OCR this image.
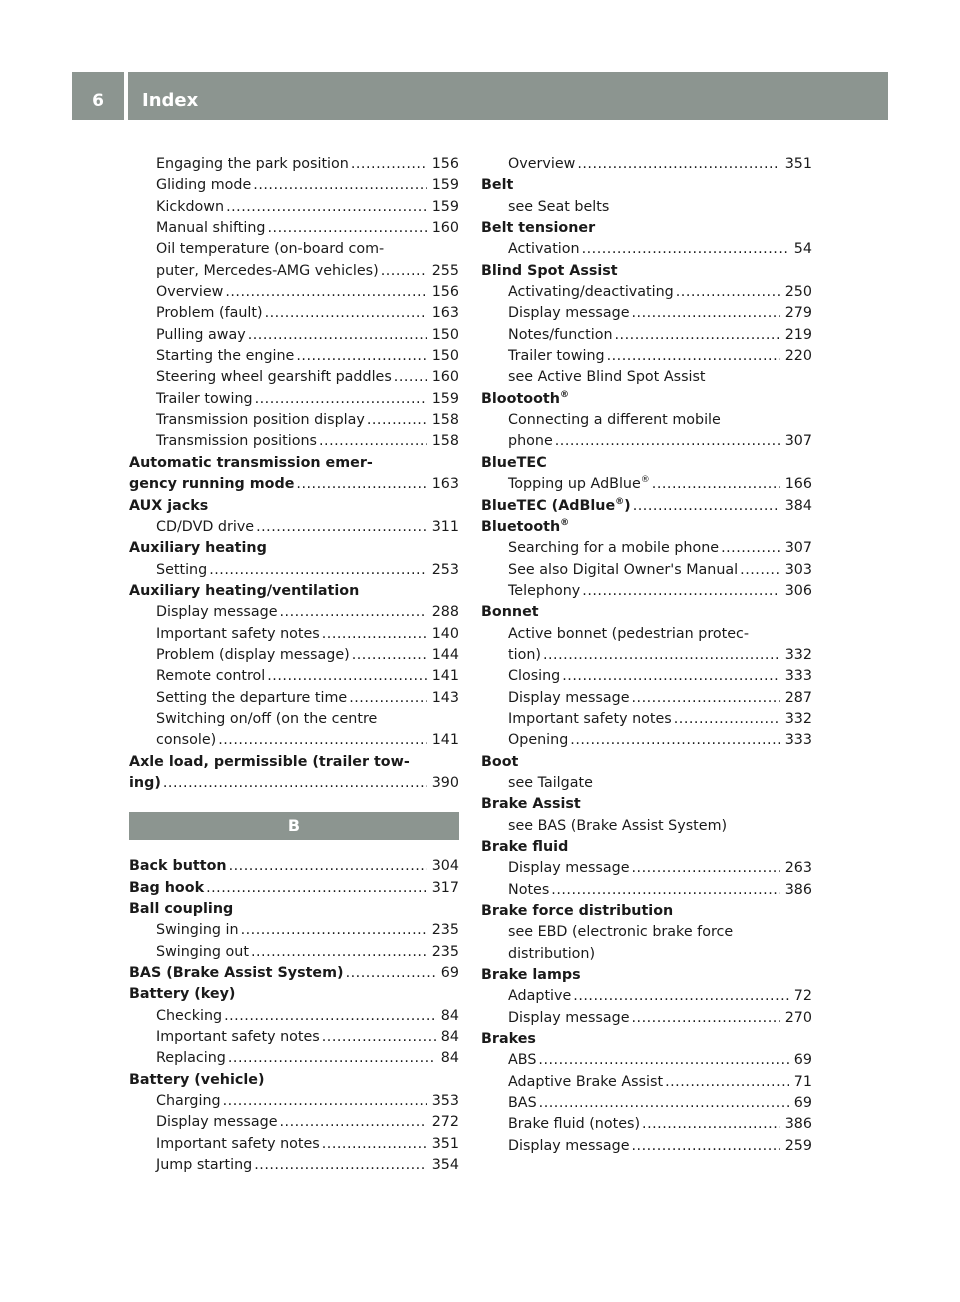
6	Index
Engaging the park position .....	156
Gliding mode .....	159
Kickdown .....	159
Manual shifting .....	160
Oil temperature (on-board com-
puter, Mercedes-AMG vehicles) .....	255
Overview .....	156
Problem (fault) .....	163
Pulling away .....	150
Starting the engine .....	150
Steering wheel gearshift paddles .....	160
Trailer towing .....	159
Transmission position display .....	158
Transmission positions .....	158
Automatic transmission emer-
gency running mode .....	163
AUX jacks
CD/DVD drive .....	311
Auxiliary heating
Setting .....	253
Auxiliary heating/ventilation
Display message .....	288
Important safety notes .....	140
Problem (display message) .....	144
Remote control .....	141
Setting the departure time .....	143
Switching on/off (on the centre
console) .....	141
Axle load, permissible (trailer tow-
ing) .....	390
B
Back button .....	304
Bag hook .....	317
Ball coupling
Swinging in .....	235
Swinging out .....	235
BAS (Brake Assist System) .....	69
Battery (key)
Checking .....	84
Important safety notes .....	84
Replacing .....	84
Battery (vehicle)
Charging .....	353
Display message .....	272
Important safety notes .....	351
Jump starting .....	354
Overview .....	351
Belt
see Seat belts
Belt tensioner
Activation .....	54
Blind Spot Assist
Activating/deactivating .....	250
Display message .....	279
Notes/function .....	219
Trailer towing .....	220
see Active Blind Spot Assist
Blootooth®
Connecting a different mobile
phone .....	307
BlueTEC
Topping up AdBlue® .....	166
BlueTEC (AdBlue®) .....	384
Bluetooth®
Searching for a mobile phone .....	307
See also Digital Owner's Manual .....	303
Telephony .....	306
Bonnet
Active bonnet (pedestrian protec-
tion) .....	332
Closing .....	333
Display message .....	287
Important safety notes .....	332
Opening .....	333
Boot
see Tailgate
Brake Assist
see BAS (Brake Assist System)
Brake fluid
Display message .....	263
Notes .....	386
Brake force distribution
see EBD (electronic brake force
distribution)
Brake lamps
Adaptive .....	72
Display message .....	270
Brakes
ABS .....	69
Adaptive Brake Assist .....	71
BAS .....	69
Brake fluid (notes) .....	386
Display message .....	259
